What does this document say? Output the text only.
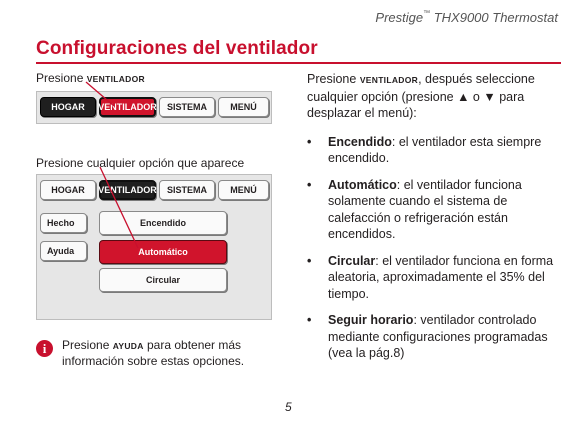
Prestige™ THX9000 Thermostat
Configuraciones del ventilador
Presione VENTILADOR
HOGAR	VENTILADOR	SISTEMA	MENÚ
Presione cualquier opción que aparece
HOGAR	VENTILADOR	SISTEMA	MENÚ
Hecho
Ayuda
Encendido
Automático
Circular

Presione VENTILADOR, después seleccione cualquier opción (presione ▲ o ▼ para desplazar el menú):

• Encendido: el ventilador esta siempre encendido.
• Automático: el ventilador funciona solamente cuando el sistema de calefacción o refrigeración están encendidos.
• Circular: el ventilador funciona en forma aleatoria, aproximadamente el 35% del tiempo.
• Seguir horario: ventilador controlado mediante configuraciones programadas (vea la pág.8)
i	Presione AYUDA para obtener más información sobre estas opciones.
5
